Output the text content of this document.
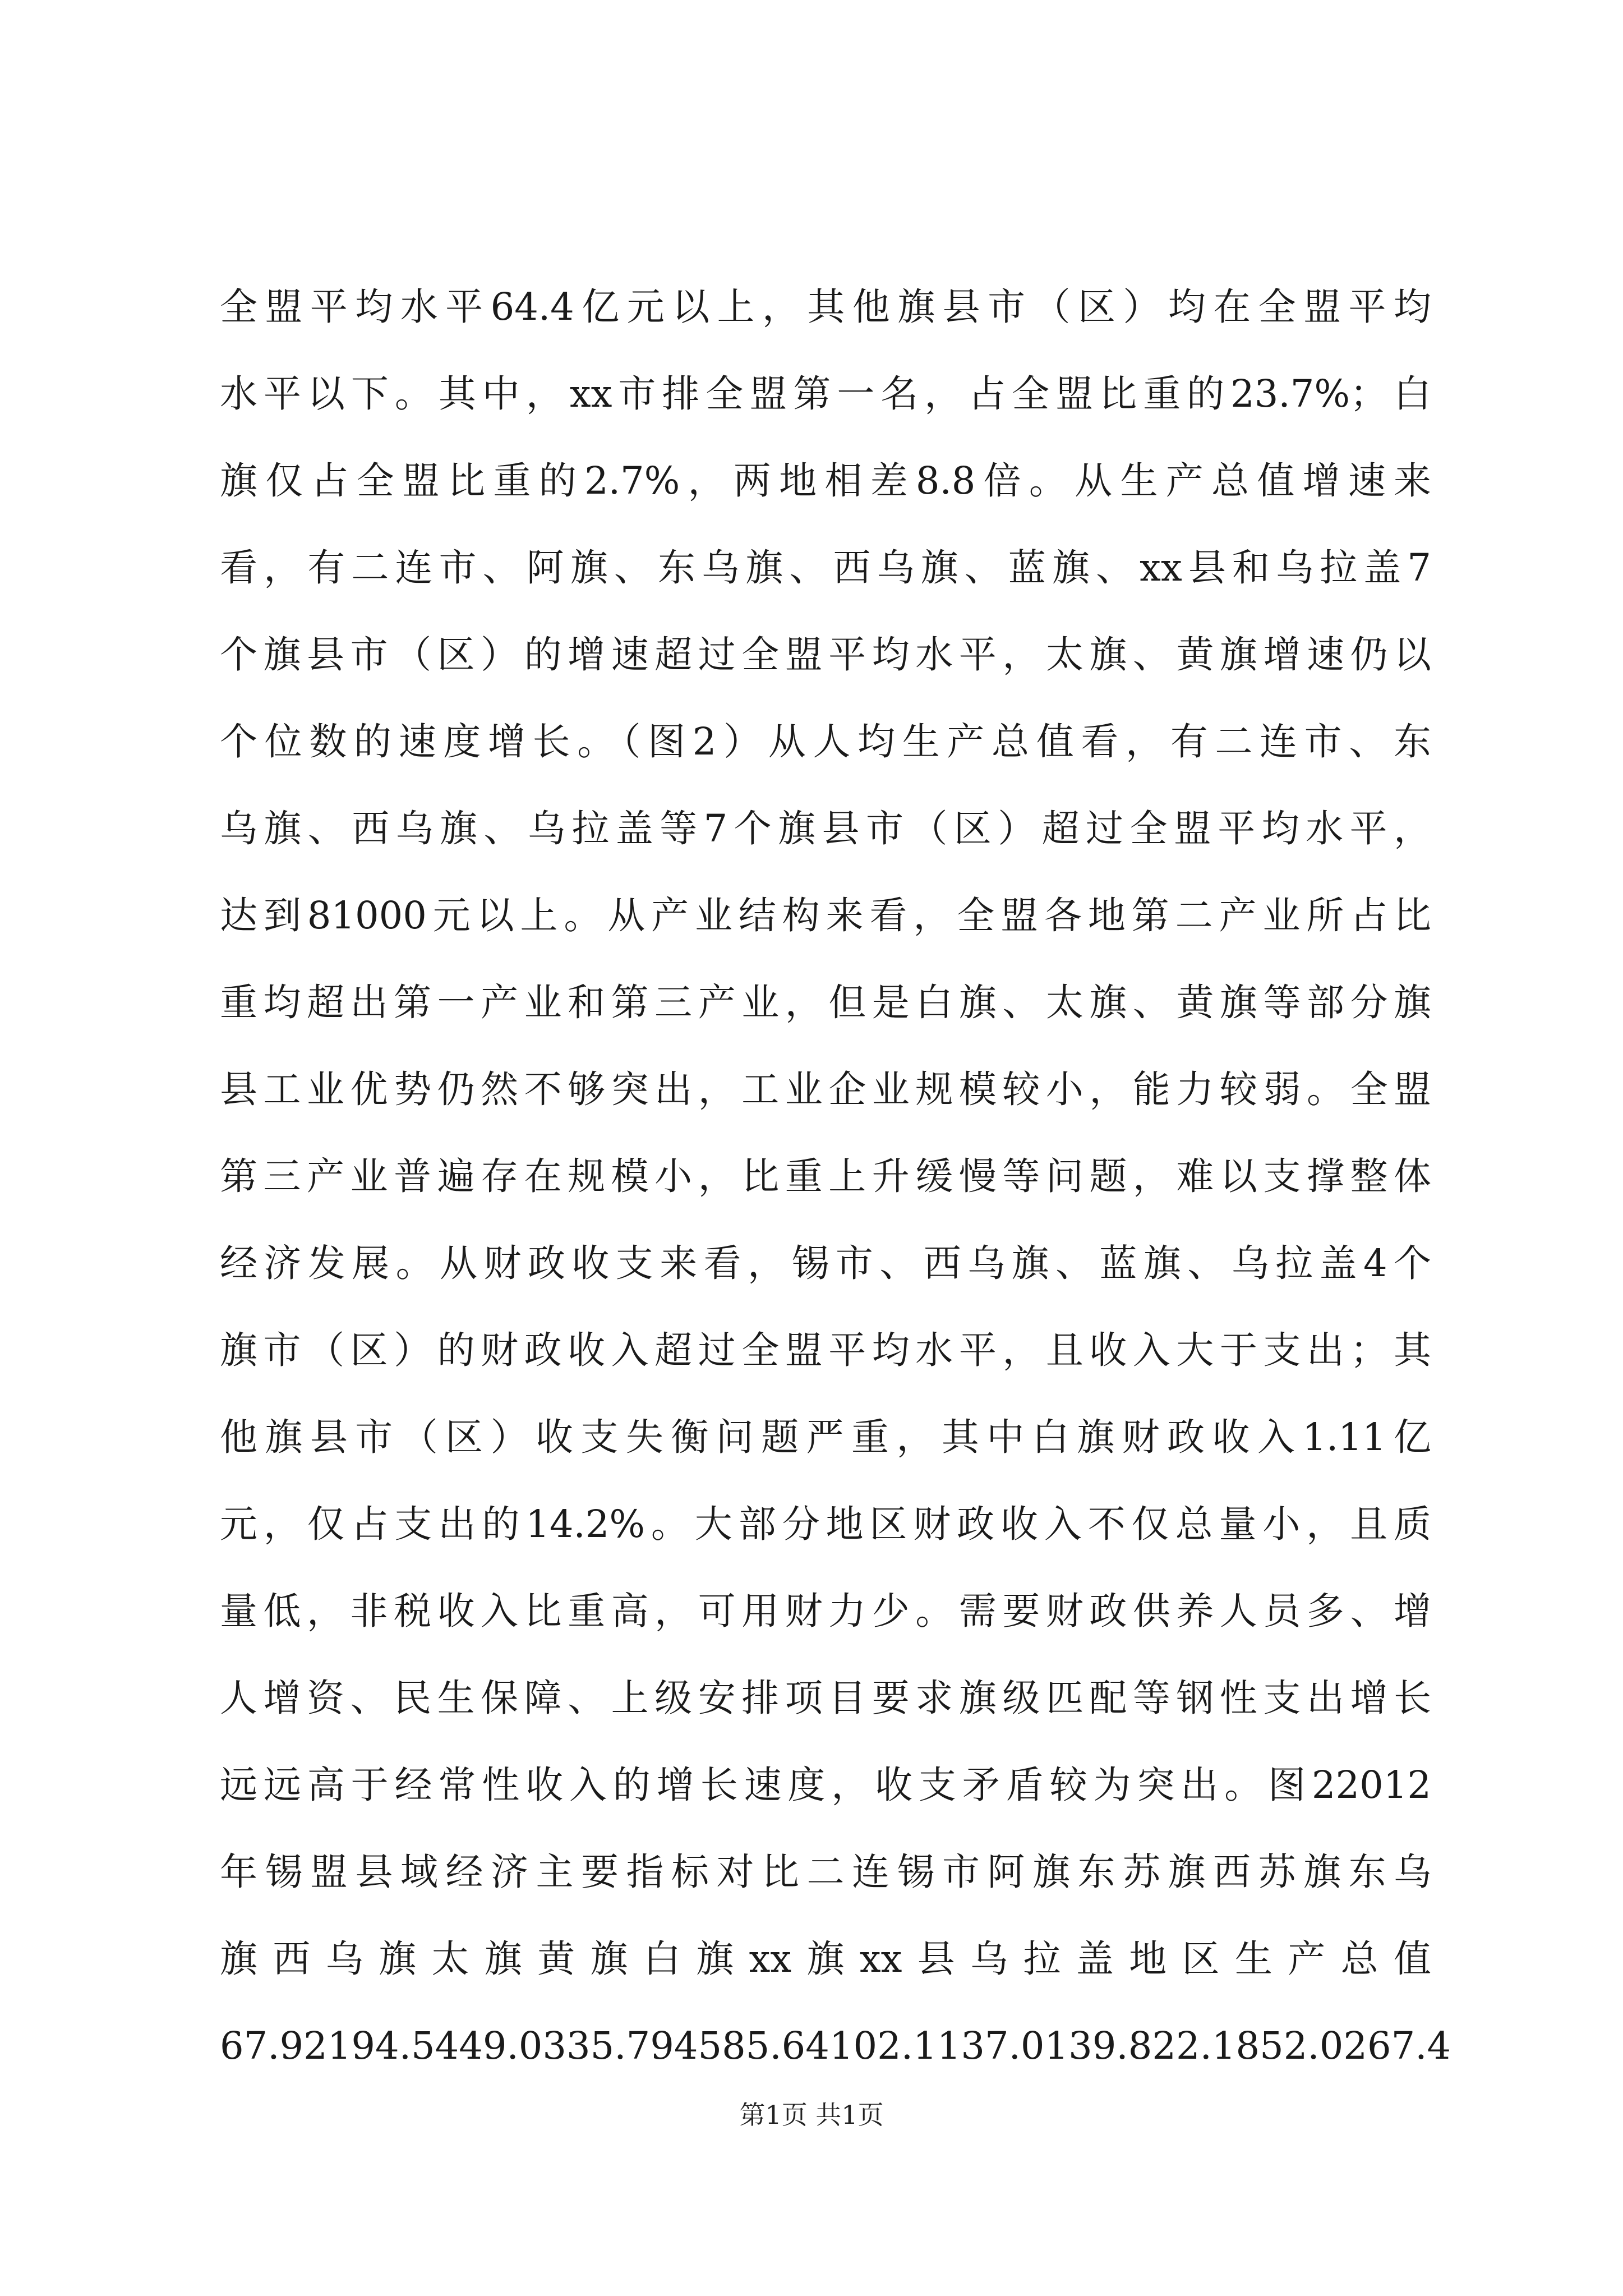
全盟平均水平64.4亿元以上，其他旗县市（区）均在全盟平均
水平以下。其中，xx市排全盟第一名，占全盟比重的23.7%；白
旗仅占全盟比重的2.7%，两地相差8.8倍。从生产总值增速来
看，有二连市、阿旗、东乌旗、西乌旗、蓝旗、xx县和乌拉盖7
个旗县市（区）的增速超过全盟平均水平，太旗、黄旗增速仍以
个位数的速度增长。（图2）从人均生产总值看，有二连市、东
乌旗、西乌旗、乌拉盖等7个旗县市（区）超过全盟平均水平，
达到81000元以上。从产业结构来看，全盟各地第二产业所占比
重均超出第一产业和第三产业，但是白旗、太旗、黄旗等部分旗
县工业优势仍然不够突出，工业企业规模较小，能力较弱。全盟
第三产业普遍存在规模小，比重上升缓慢等问题，难以支撑整体
经济发展。从财政收支来看，锡市、西乌旗、蓝旗、乌拉盖4个
旗市（区）的财政收入超过全盟平均水平，且收入大于支出；其
他旗县市（区）收支失衡问题严重，其中白旗财政收入1.11亿
元，仅占支出的14.2%。大部分地区财政收入不仅总量小，且质
量低，非税收入比重高，可用财力少。需要财政供养人员多、增
人增资、民生保障、上级安排项目要求旗级匹配等钢性支出增长
远远高于经常性收入的增长速度，收支矛盾较为突出。图22012
年锡盟县域经济主要指标对比二连锡市阿旗东苏旗西苏旗东乌
旗西乌旗太旗黄旗白旗xx旗xx县乌拉盖地区生产总值
67.92194.5449.0335.794585.64102.1137.0139.822.1852.0267.4
第1页 共1页
